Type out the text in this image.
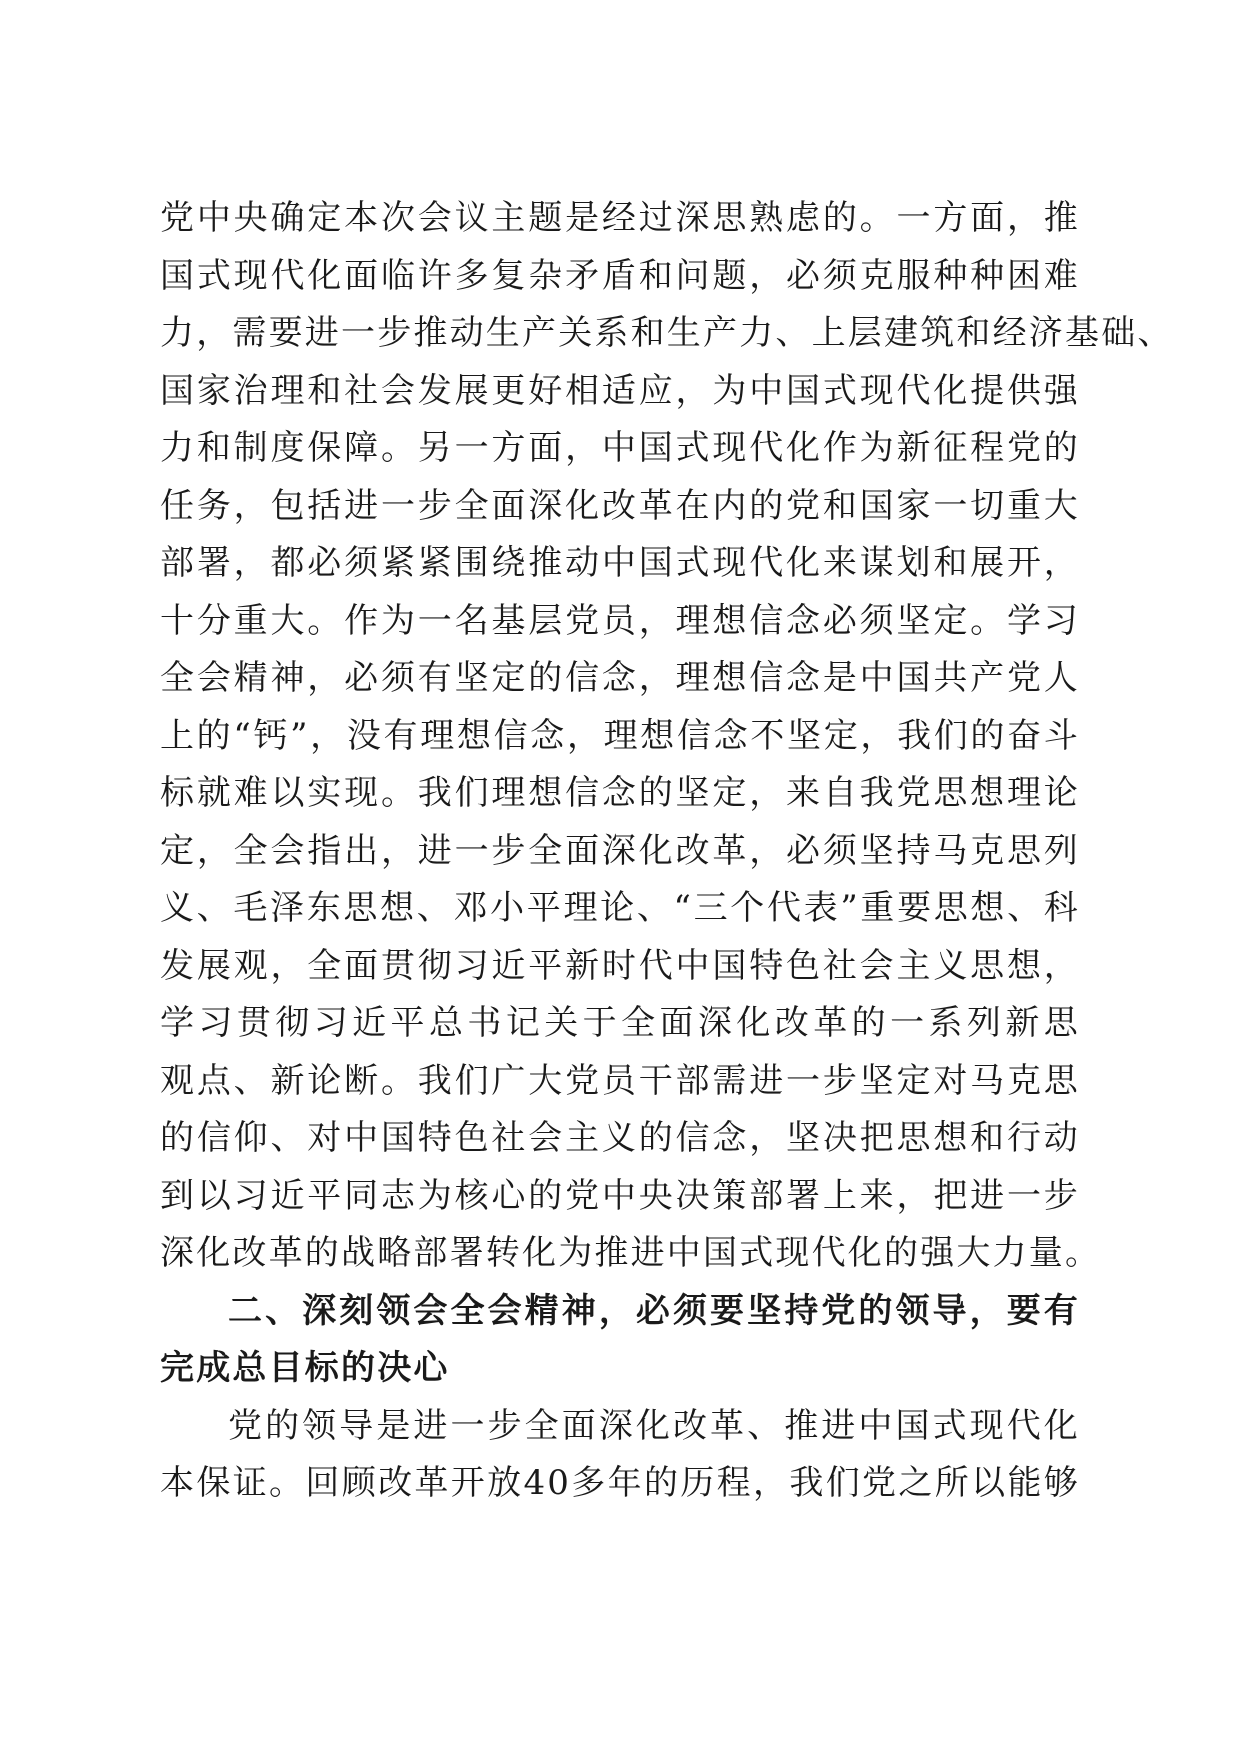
党中央确定本次会议主题是经过深思熟虑的。一方面，推
国式现代化面临许多复杂矛盾和问题，必须克服种种困难
力，需要进一步推动生产关系和生产力、上层建筑和经济基础、
国家治理和社会发展更好相适应，为中国式现代化提供强
力和制度保障。另一方面，中国式现代化作为新征程党的
任务，包括进一步全面深化改革在内的党和国家一切重大
部署，都必须紧紧围绕推动中国式现代化来谋划和展开，
十分重大。作为一名基层党员，理想信念必须坚定。学习
全会精神，必须有坚定的信念，理想信念是中国共产党人
上的“钙”，没有理想信念，理想信念不坚定，我们的奋斗
标就难以实现。我们理想信念的坚定，来自我党思想理论
定，全会指出，进一步全面深化改革，必须坚持马克思列
义、毛泽东思想、邓小平理论、“三个代表”重要思想、科
发展观，全面贯彻习近平新时代中国特色社会主义思想，
学习贯彻习近平总书记关于全面深化改革的一系列新思
观点、新论断。我们广大党员干部需进一步坚定对马克思
的信仰、对中国特色社会主义的信念，坚决把思想和行动
到以习近平同志为核心的党中央决策部署上来，把进一步
深化改革的战略部署转化为推进中国式现代化的强大力量。
二、深刻领会全会精神，必须要坚持党的领导，要有
完成总目标的决心
党的领导是进一步全面深化改革、推进中国式现代化
本保证。回顾改革开放40多年的历程，我们党之所以能够
